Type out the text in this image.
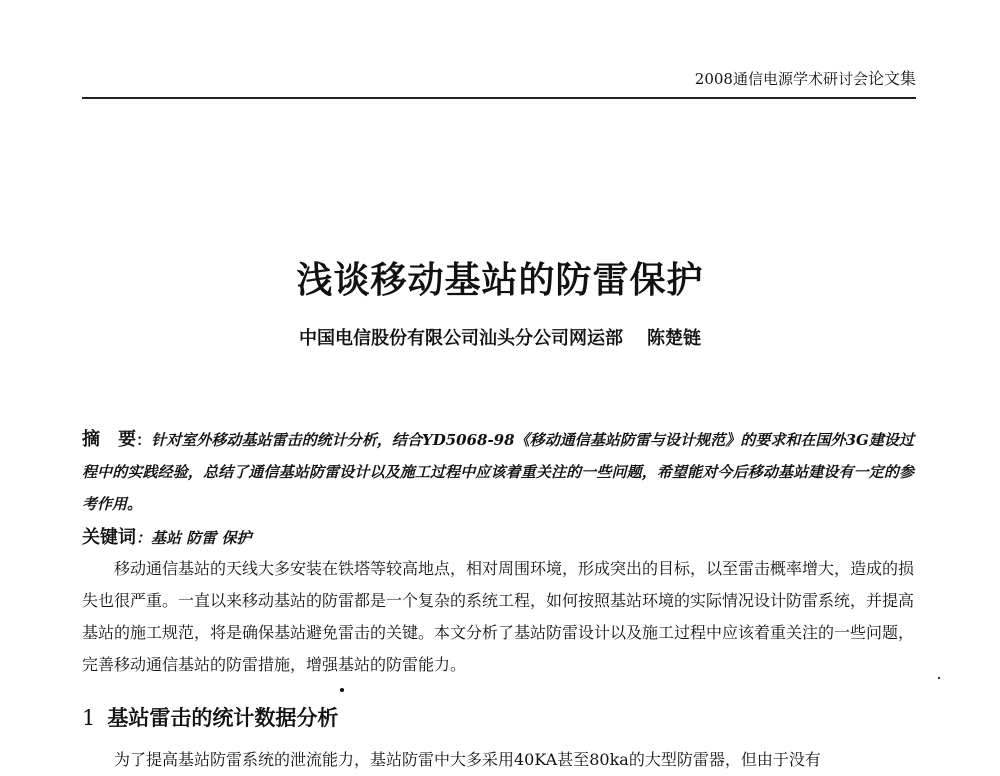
2008通信电源学术研讨会论文集
浅谈移动基站的防雷保护
中国电信股份有限公司汕头分公司网运部 陈楚链
摘　要：针对室外移动基站雷击的统计分析，结合YD5068-98《移动通信基站防雷与设计规范》的要求和在国外3G建设过程中的实践经验，总结了通信基站防雷设计以及施工过程中应该着重关注的一些问题，希望能对今后移动基站建设有一定的参考作用。
关键词：基站 防雷 保护
移动通信基站的天线大多安装在铁塔等较高地点，相对周围环境，形成突出的目标，以至雷击概率增大，造成的损失也很严重。一直以来移动基站的防雷都是一个复杂的系统工程，如何按照基站环境的实际情况设计防雷系统，并提高基站的施工规范，将是确保基站避免雷击的关键。本文分析了基站防雷设计以及施工过程中应该着重关注的一些问题，完善移动通信基站的防雷措施，增强基站的防雷能力。
1 基站雷击的统计数据分析
为了提高基站防雷系统的泄流能力，基站防雷中大多采用40KA甚至80ka的大型防雷器，但由于没有
